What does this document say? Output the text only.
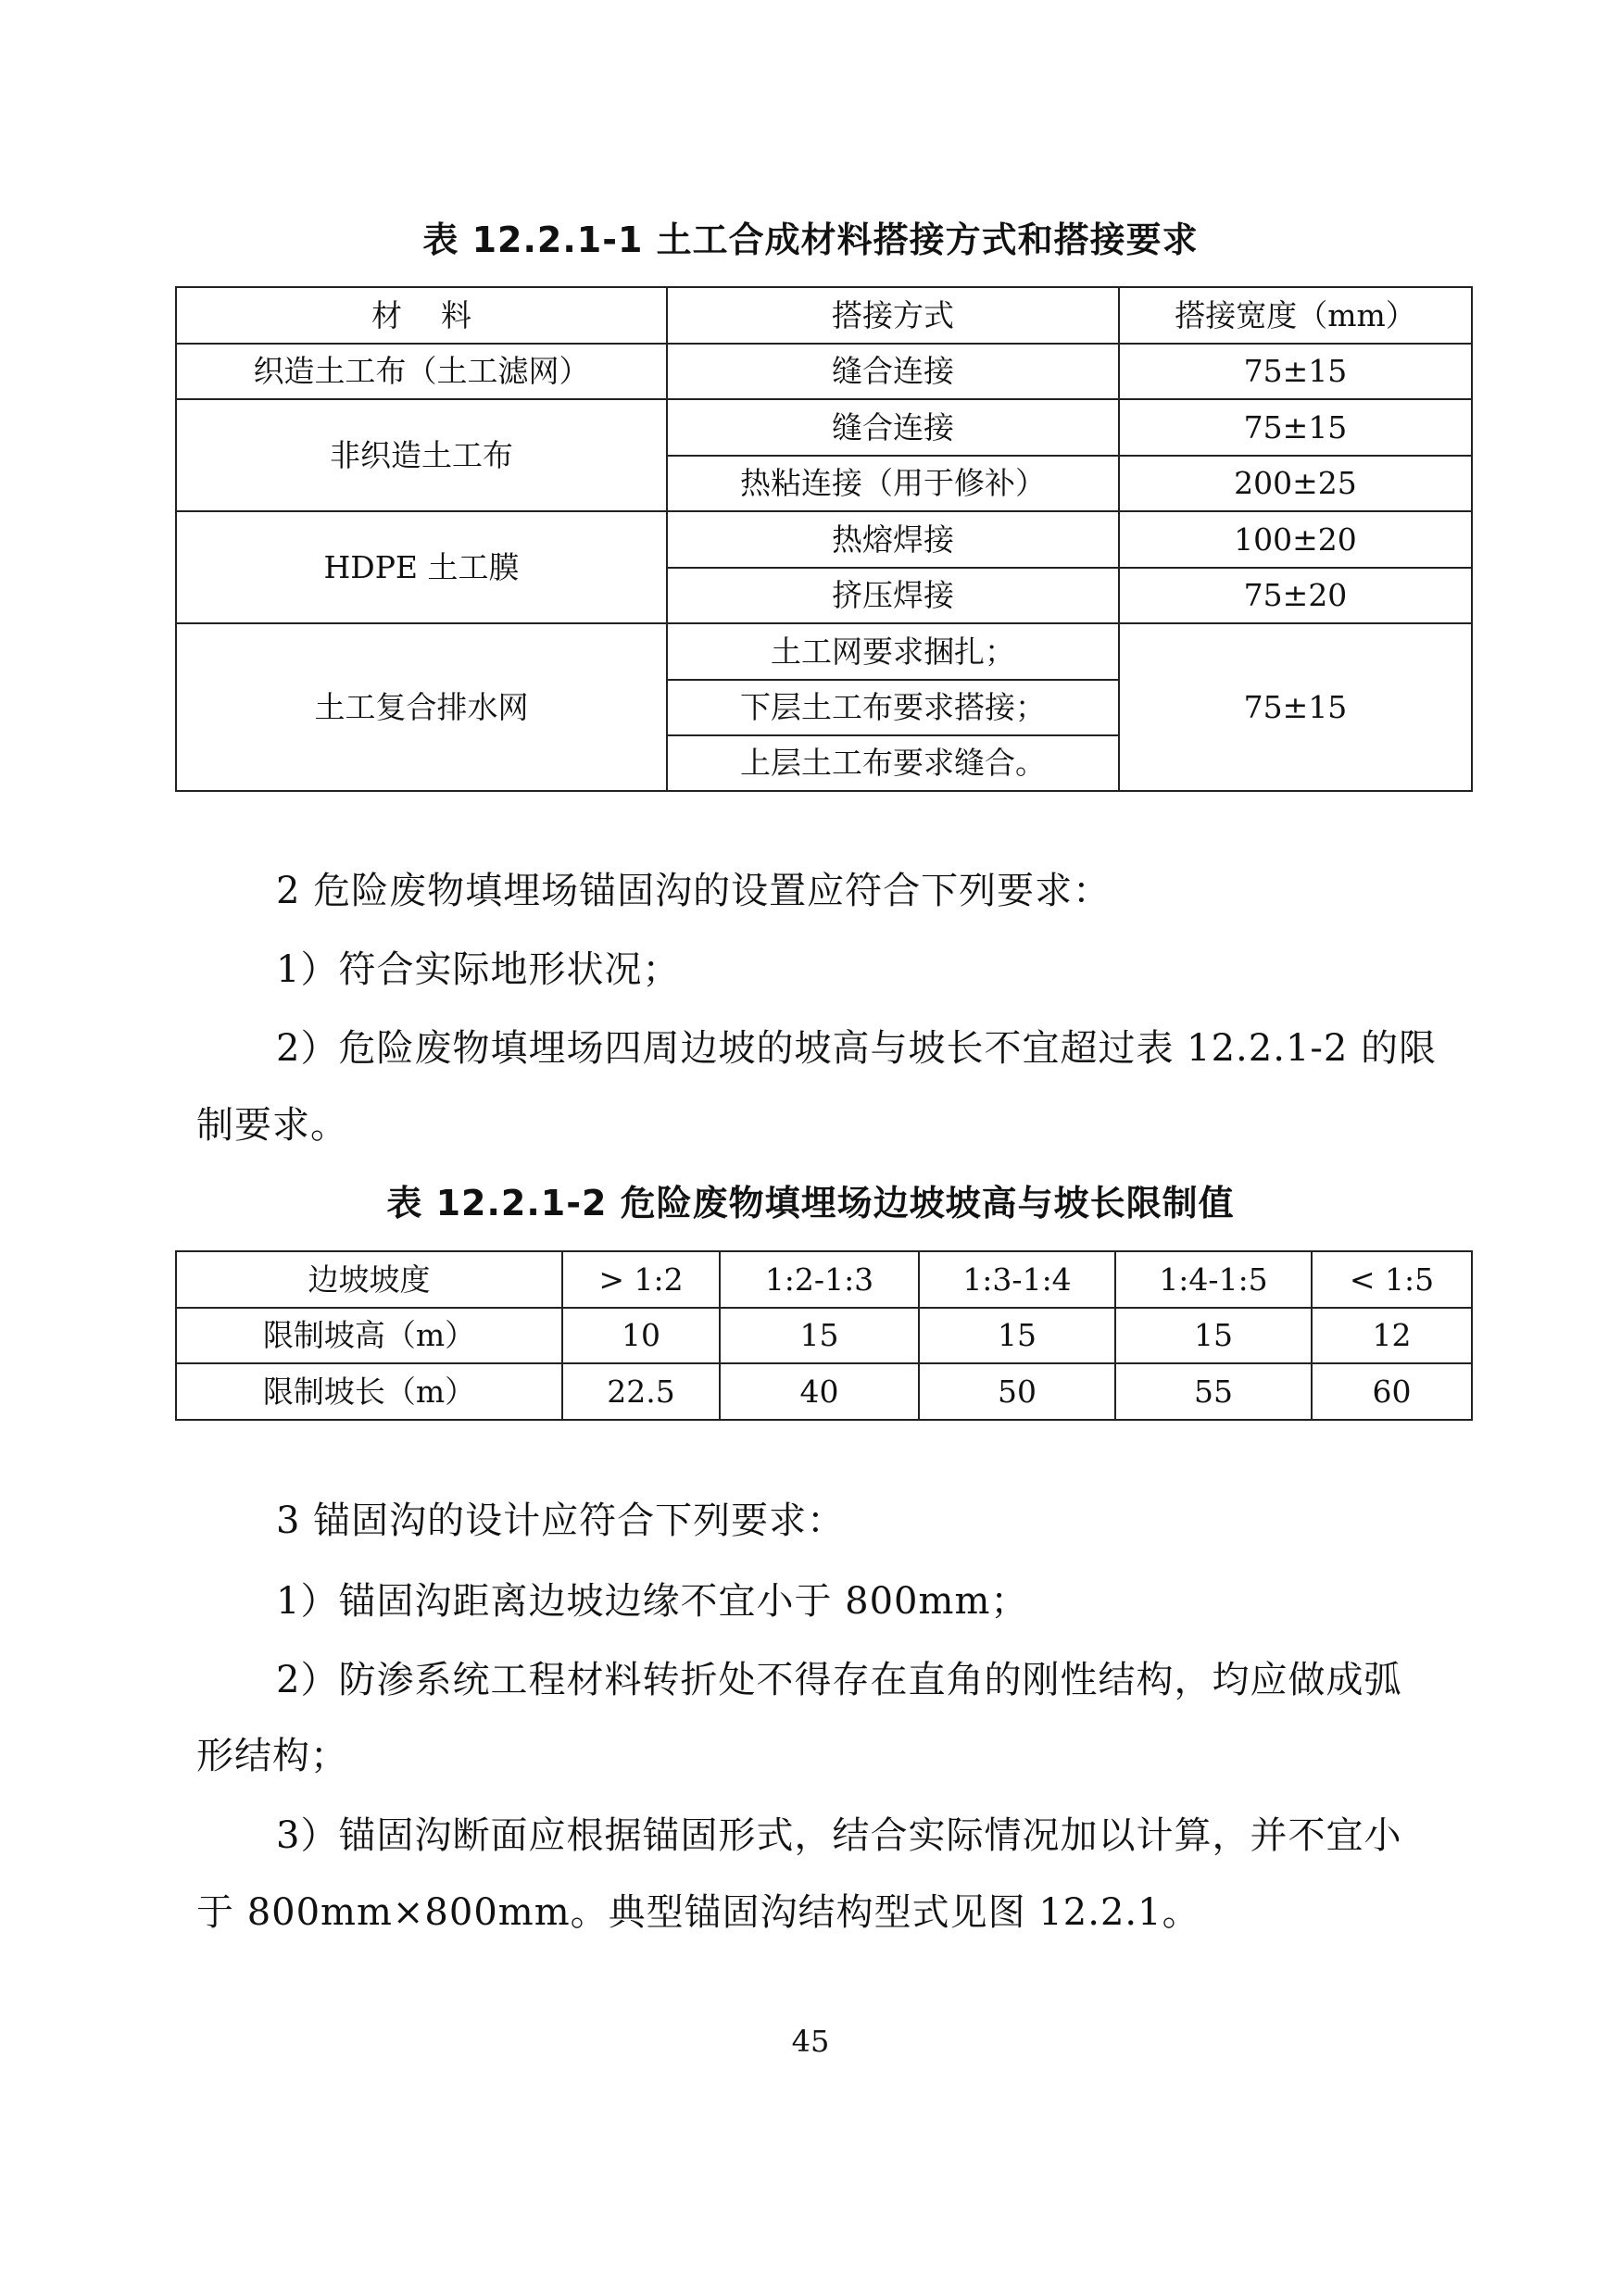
表 12.2.1-1 土工合成材料搭接方式和搭接要求
材    料	搭接方式	搭接宽度（mm）
织造土工布（土工滤网）	缝合连接	75±15
非织造土工布	缝合连接	75±15
	热粘连接（用于修补）	200±25
HDPE 土工膜	热熔焊接	100±20
	挤压焊接	75±20
土工复合排水网	土工网要求捆扎；	75±15
	下层土工布要求搭接；	
	上层土工布要求缝合。	
2 危险废物填埋场锚固沟的设置应符合下列要求：
1）符合实际地形状况；
2）危险废物填埋场四周边坡的坡高与坡长不宜超过表 12.2.1-2 的限
制要求。
表 12.2.1-2 危险废物填埋场边坡坡高与坡长限制值
边坡坡度	> 1:2	1:2-1:3	1:3-1:4	1:4-1:5	< 1:5
限制坡高（m）	10	15	15	15	12
限制坡长（m）	22.5	40	50	55	60
3 锚固沟的设计应符合下列要求：
1）锚固沟距离边坡边缘不宜小于 800mm；
2）防渗系统工程材料转折处不得存在直角的刚性结构，均应做成弧
形结构；
3）锚固沟断面应根据锚固形式，结合实际情况加以计算，并不宜小
于 800mm×800mm。典型锚固沟结构型式见图 12.2.1。
45
